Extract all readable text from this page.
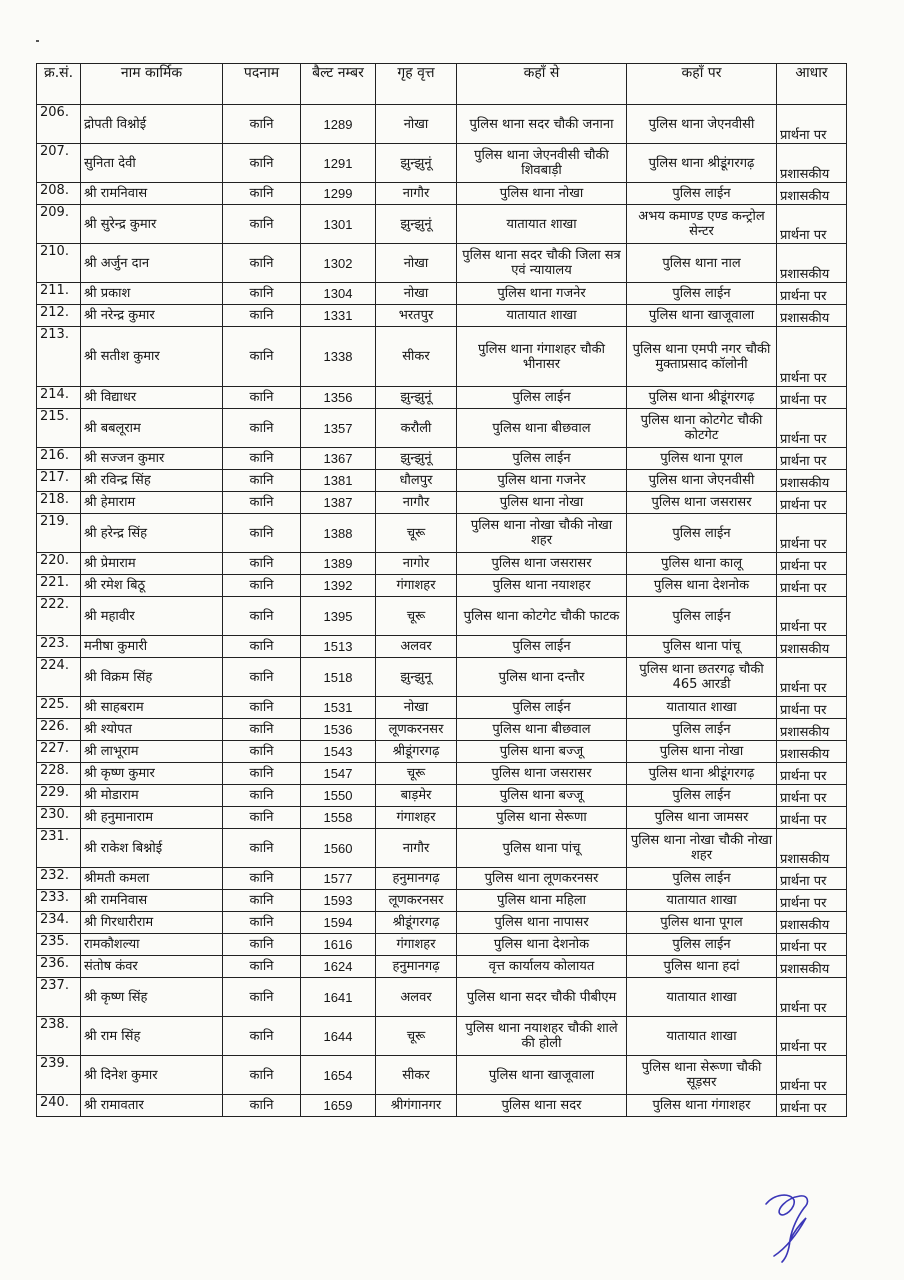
क्र.सं.	नाम कार्मिक	पदनाम	बैल्ट नम्बर	गृह वृत्त	कहाँ से	कहाँ पर	आधार
206.	द्रोपती विश्नोई	कानि	1289	नोखा	पुलिस थाना सदर चौकी जनाना	पुलिस थाना जेएनवीसी	प्रार्थना पर
207.	सुनिता देवी	कानि	1291	झुन्झुनूं	पुलिस थाना जेएनवीसी चौकी शिवबाड़ी	पुलिस थाना श्रीडूंगरगढ़	प्रशासकीय
208.	श्री रामनिवास	कानि	1299	नागौर	पुलिस थाना नोखा	पुलिस लाईन	प्रशासकीय
209.	श्री सुरेन्द्र कुमार	कानि	1301	झुन्झुनूं	यातायात शाखा	अभय कमाण्ड एण्ड कन्ट्रोल सेन्टर	प्रार्थना पर
210.	श्री अर्जुन दान	कानि	1302	नोखा	पुलिस थाना सदर चौकी जिला सत्र एवं न्यायालय	पुलिस थाना नाल	प्रशासकीय
211.	श्री प्रकाश	कानि	1304	नोखा	पुलिस थाना गजनेर	पुलिस लाईन	प्रार्थना पर
212.	श्री नरेन्द्र कुमार	कानि	1331	भरतपुर	यातायात शाखा	पुलिस थाना खाजूवाला	प्रशासकीय
213.	श्री सतीश कुमार	कानि	1338	सीकर	पुलिस थाना गंगाशहर चौकी भीनासर	पुलिस थाना एमपी नगर चौकी मुक्ताप्रसाद कॉलोनी	प्रार्थना पर
214.	श्री विद्याधर	कानि	1356	झुन्झुनूं	पुलिस लाईन	पुलिस थाना श्रीडूंगरगढ़	प्रार्थना पर
215.	श्री बबलूराम	कानि	1357	करौली	पुलिस थाना बीछवाल	पुलिस थाना कोटगेट चौकी कोटगेट	प्रार्थना पर
216.	श्री सज्जन कुमार	कानि	1367	झुन्झुनूं	पुलिस लाईन	पुलिस थाना पूगल	प्रार्थना पर
217.	श्री रविन्द्र सिंह	कानि	1381	धौलपुर	पुलिस थाना गजनेर	पुलिस थाना जेएनवीसी	प्रशासकीय
218.	श्री हेमाराम	कानि	1387	नागौर	पुलिस थाना नोखा	पुलिस थाना जसरासर	प्रार्थना पर
219.	श्री हरेन्द्र सिंह	कानि	1388	चूरू	पुलिस थाना नोखा चौकी नोखा शहर	पुलिस लाईन	प्रार्थना पर
220.	श्री प्रेमाराम	कानि	1389	नागोर	पुलिस थाना जसरासर	पुलिस थाना कालू	प्रार्थना पर
221.	श्री रमेश बिठू	कानि	1392	गंगाशहर	पुलिस थाना नयाशहर	पुलिस थाना देशनोक	प्रार्थना पर
222.	श्री महावीर	कानि	1395	चूरू	पुलिस थाना कोटगेट चौकी फाटक	पुलिस लाईन	प्रार्थना पर
223.	मनीषा कुमारी	कानि	1513	अलवर	पुलिस लाईन	पुलिस थाना पांचू	प्रशासकीय
224.	श्री विक्रम सिंह	कानि	1518	झुन्झुनू	पुलिस थाना दन्तौर	पुलिस थाना छतरगढ़ चौकी 465 आरडी	प्रार्थना पर
225.	श्री साहबराम	कानि	1531	नोखा	पुलिस लाईन	यातायात शाखा	प्रार्थना पर
226.	श्री श्योपत	कानि	1536	लूणकरनसर	पुलिस थाना बीछवाल	पुलिस लाईन	प्रशासकीय
227.	श्री लाभूराम	कानि	1543	श्रीडूंगरगढ़	पुलिस थाना बज्जू	पुलिस थाना नोखा	प्रशासकीय
228.	श्री कृष्ण कुमार	कानि	1547	चूरू	पुलिस थाना जसरासर	पुलिस थाना श्रीडूंगरगढ़	प्रार्थना पर
229.	श्री मोडाराम	कानि	1550	बाड़मेर	पुलिस थाना बज्जू	पुलिस लाईन	प्रार्थना पर
230.	श्री हनुमानाराम	कानि	1558	गंगाशहर	पुलिस थाना सेरूणा	पुलिस थाना जामसर	प्रार्थना पर
231.	श्री राकेश बिश्नोई	कानि	1560	नागौर	पुलिस थाना पांचू	पुलिस थाना नोखा चौकी नोखा शहर	प्रशासकीय
232.	श्रीमती कमला	कानि	1577	हनुमानगढ़	पुलिस थाना लूणकरनसर	पुलिस लाईन	प्रार्थना पर
233.	श्री रामनिवास	कानि	1593	लूणकरनसर	पुलिस थाना महिला	यातायात शाखा	प्रार्थना पर
234.	श्री गिरधारीराम	कानि	1594	श्रीडूंगरगढ़	पुलिस थाना नापासर	पुलिस थाना पूगल	प्रशासकीय
235.	रामकौशल्या	कानि	1616	गंगाशहर	पुलिस थाना देशनोक	पुलिस लाईन	प्रार्थना पर
236.	संतोष कंवर	कानि	1624	हनुमानगढ़	वृत्त कार्यालय कोलायत	पुलिस थाना हदां	प्रशासकीय
237.	श्री कृष्ण सिंह	कानि	1641	अलवर	पुलिस थाना सदर चौकी पीबीएम	यातायात शाखा	प्रार्थना पर
238.	श्री राम सिंह	कानि	1644	चूरू	पुलिस थाना नयाशहर चौकी शाले की होली	यातायात शाखा	प्रार्थना पर
239.	श्री दिनेश कुमार	कानि	1654	सीकर	पुलिस थाना खाजूवाला	पुलिस थाना सेरूणा चौकी सूड़सर	प्रार्थना पर
240.	श्री रामावतार	कानि	1659	श्रीगंगानगर	पुलिस थाना सदर	पुलिस थाना गंगाशहर	प्रार्थना पर
